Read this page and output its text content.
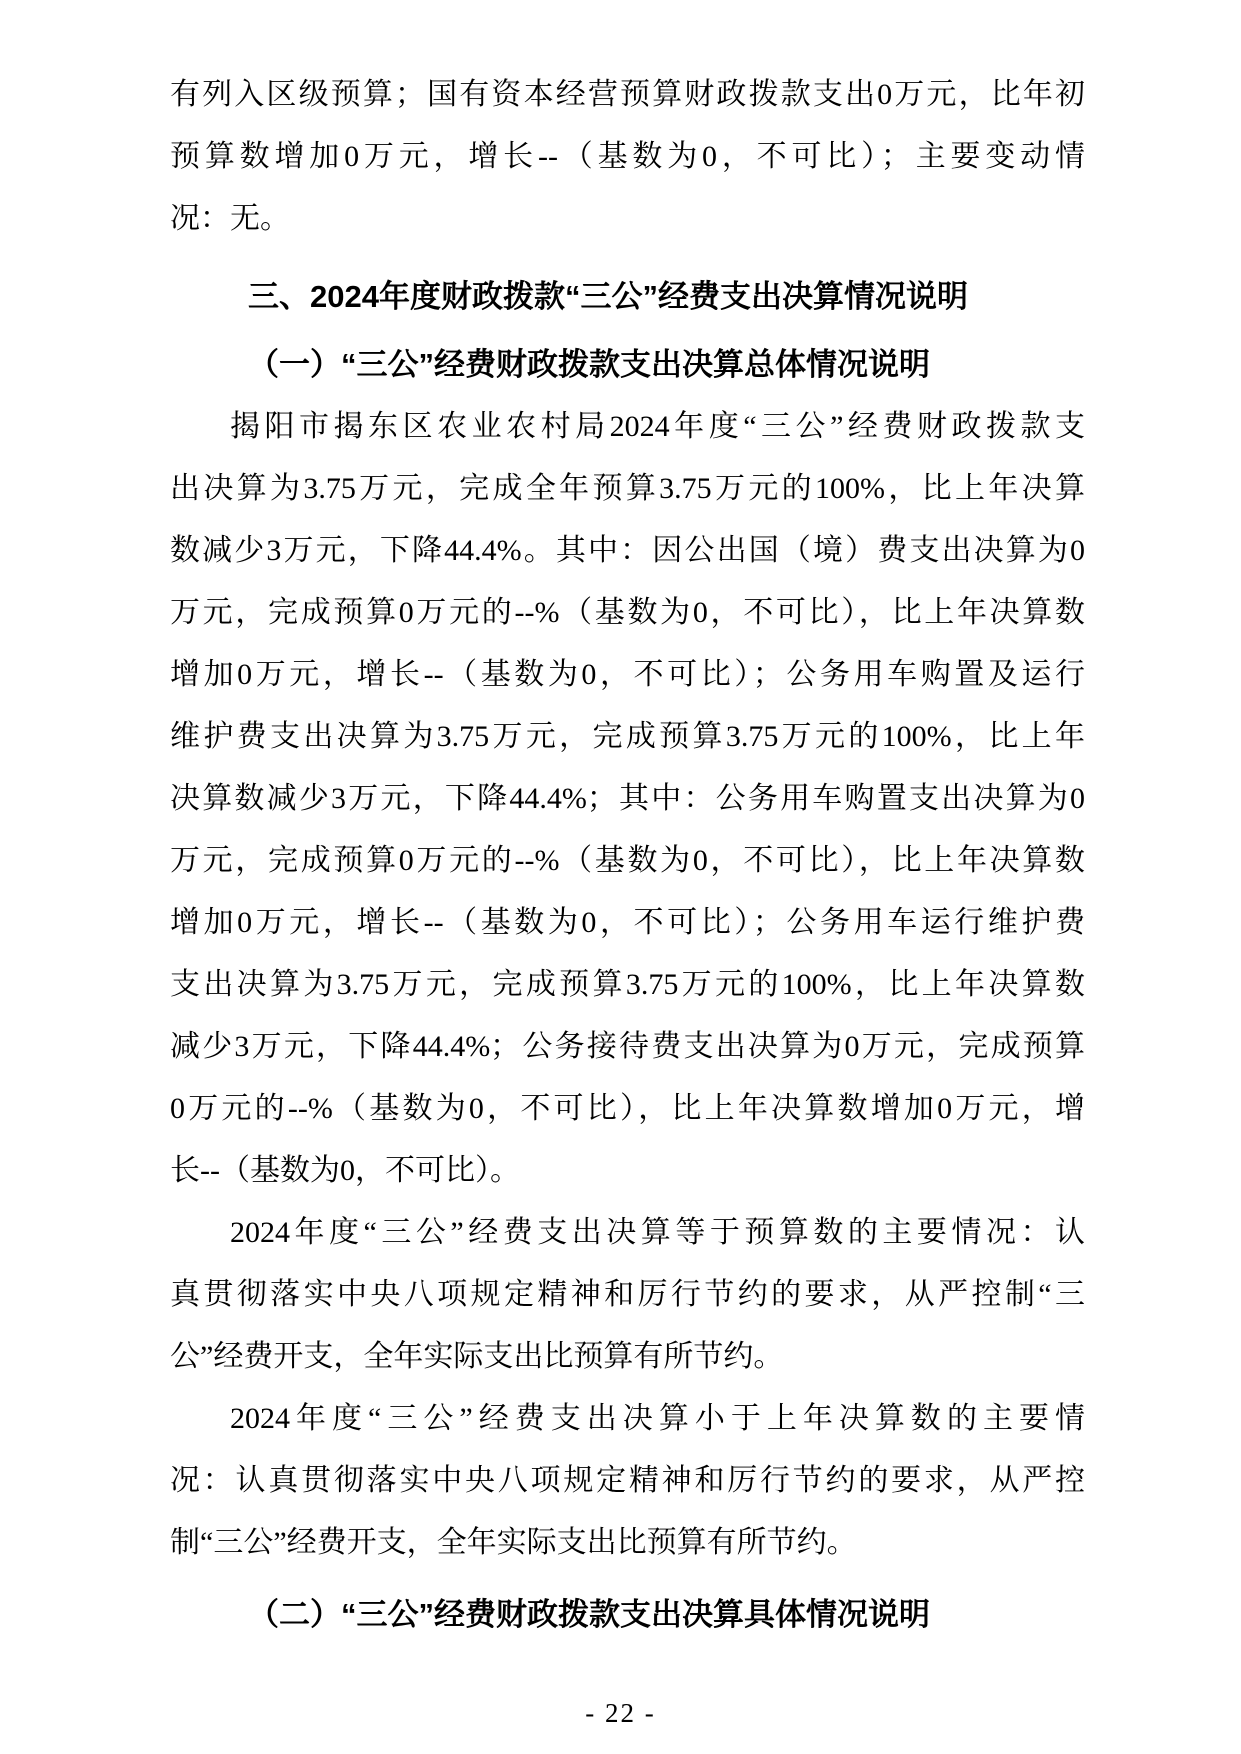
有列入区级预算；国有资本经营预算财政拨款支出0万元，比年初
预算数增加0万元，增长--（基数为0，不可比）；主要变动情
况：无。
三、2024年度财政拨款“三公”经费支出决算情况说明
（一）“三公”经费财政拨款支出决算总体情况说明
揭阳市揭东区农业农村局2024年度“三公”经费财政拨款支
出决算为3.75万元，完成全年预算3.75万元的100%，比上年决算
数减少3万元，下降44.4%。其中：因公出国（境）费支出决算为0
万元，完成预算0万元的--%（基数为0，不可比），比上年决算数
增加0万元，增长--（基数为0，不可比）；公务用车购置及运行
维护费支出决算为3.75万元，完成预算3.75万元的100%，比上年
决算数减少3万元，下降44.4%；其中：公务用车购置支出决算为0
万元，完成预算0万元的--%（基数为0，不可比），比上年决算数
增加0万元，增长--（基数为0，不可比）；公务用车运行维护费
支出决算为3.75万元，完成预算3.75万元的100%，比上年决算数
减少3万元，下降44.4%；公务接待费支出决算为0万元，完成预算
0万元的--%（基数为0，不可比），比上年决算数增加0万元，增
长--（基数为0，不可比）。
2024年度“三公”经费支出决算等于预算数的主要情况：认
真贯彻落实中央八项规定精神和厉行节约的要求，从严控制“三
公”经费开支，全年实际支出比预算有所节约。
2024年度“三公”经费支出决算小于上年决算数的主要情
况：认真贯彻落实中央八项规定精神和厉行节约的要求，从严控
制“三公”经费开支，全年实际支出比预算有所节约。
（二）“三公”经费财政拨款支出决算具体情况说明
- 22 -
